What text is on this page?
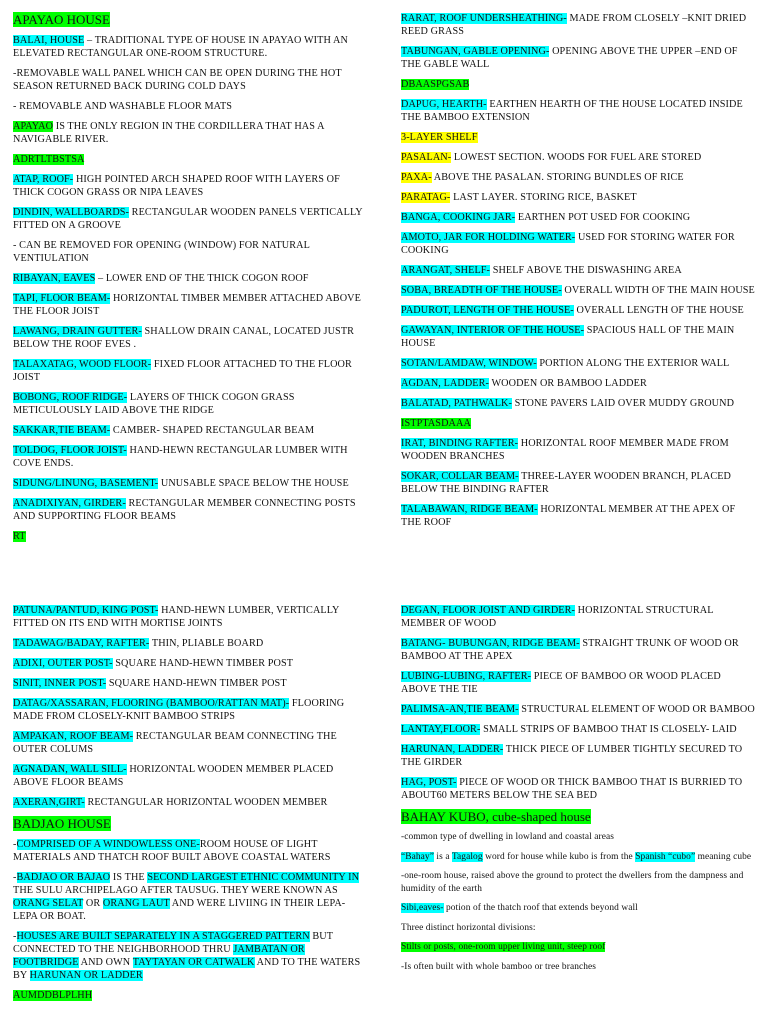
APAYAO HOUSE

BALAI, HOUSE – TRADITIONAL TYPE OF HOUSE IN APAYAO WITH AN ELEVATED RECTANGULAR ONE-ROOM STRUCTURE.

-REMOVABLE WALL PANEL WHICH CAN BE OPEN DURING THE HOT SEASON RETURNED BACK DURING COLD DAYS

- REMOVABLE AND WASHABLE FLOOR MATS

APAYAO IS THE ONLY REGION IN THE CORDILLERA THAT HAS A NAVIGABLE RIVER.

ADRTLTBSTSA

ATAP, ROOF- HIGH POINTED ARCH SHAPED ROOF WITH LAYERS OF THICK COGON GRASS OR NIPA LEAVES

DINDIN, WALLBOARDS- RECTANGULAR WOODEN PANELS VERTICALLY FITTED ON A GROOVE

- CAN BE REMOVED FOR OPENING (WINDOW) FOR NATURAL VENTIULATION

RIBAYAN, EAVES – LOWER END OF THE THICK COGON ROOF

TAPI, FLOOR BEAM- HORIZONTAL TIMBER MEMBER ATTACHED ABOVE THE FLOOR JOIST

LAWANG, DRAIN GUTTER- SHALLOW DRAIN CANAL, LOCATED JUSTR BELOW THE ROOF EVES .

TALAXATAG, WOOD FLOOR- FIXED FLOOR ATTACHED TO THE FLOOR JOIST

BOBONG, ROOF RIDGE- LAYERS OF THICK COGON GRASS METICULOUSLY LAID ABOVE THE RIDGE

SAKKAR,TIE BEAM- CAMBER- SHAPED RECTANGULAR BEAM

TOLDOG, FLOOR JOIST- HAND-HEWN RECTANGULAR LUMBER WITH COVE ENDS.

SIDUNG/LINUNG, BASEMENT- UNUSABLE SPACE BELOW THE HOUSE

ANADIXIYAN, GIRDER- RECTANGULAR MEMBER CONNECTING POSTS AND SUPPORTING FLOOR BEAMS

RT

RARAT, ROOF UNDERSHEATHING- MADE FROM CLOSELY –KNIT DRIED REED GRASS

TABUNGAN, GABLE OPENING- OPENING ABOVE THE UPPER –END OF THE GABLE WALL

DBAASPGSAB

DAPUG, HEARTH- EARTHEN HEARTH OF THE HOUSE LOCATED INSIDE THE BAMBOO EXTENSION

3-LAYER SHELF

PASALAN- LOWEST SECTION. WOODS FOR FUEL ARE STORED

PAXA- ABOVE THE PASALAN. STORING BUNDLES OF RICE

PARATAG- LAST LAYER. STORING RICE, BASKET

BANGA, COOKING JAR- EARTHEN POT USED FOR COOKING

AMOTO, JAR FOR HOLDING WATER- USED FOR STORING WATER FOR COOKING

ARANGAT, SHELF- SHELF ABOVE THE DISWASHING AREA

SOBA, BREADTH OF THE HOUSE- OVERALL WIDTH OF THE MAIN HOUSE

PADUROT, LENGTH OF THE HOUSE- OVERALL LENGTH OF THE HOUSE

GAWAYAN, INTERIOR OF THE HOUSE- SPACIOUS HALL OF THE MAIN HOUSE

SOTAN/LAMDAW, WINDOW- PORTION ALONG THE EXTERIOR WALL

AGDAN, LADDER- WOODEN OR BAMBOO LADDER

BALATAD, PATHWALK- STONE PAVERS LAID OVER MUDDY GROUND

ISTPTASDAAA

IRAT, BINDING RAFTER- HORIZONTAL ROOF MEMBER MADE FROM WOODEN BRANCHES

SOKAR, COLLAR BEAM- THREE-LAYER WOODEN BRANCH, PLACED BELOW THE BINDING RAFTER

TALABAWAN, RIDGE BEAM- HORIZONTAL MEMBER AT THE APEX OF THE ROOF

PATUNA/PANTUD, KING POST- HAND-HEWN LUMBER, VERTICALLY FITTED ON ITS END WITH MORTISE JOINTS

TADAWAG/BADAY, RAFTER- THIN, PLIABLE BOARD

ADIXI, OUTER POST- SQUARE HAND-HEWN TIMBER POST

SINIT, INNER POST- SQUARE HAND-HEWN TIMBER POST

DATAG/XASSARAN, FLOORING (BAMBOO/RATTAN MAT)- FLOORING MADE FROM CLOSELY-KNIT BAMBOO STRIPS

AMPAKAN, ROOF BEAM- RECTANGULAR BEAM CONNECTING THE OUTER COLUMS

AGNADAN, WALL SILL- HORIZONTAL WOODEN MEMBER PLACED ABOVE FLOOR BEAMS

AXERAN,GIRT- RECTANGULAR HORIZONTAL WOODEN MEMBER

BADJAO HOUSE

-COMPRISED OF A WINDOWLESS ONE-ROOM HOUSE OF LIGHT MATERIALS AND THATCH ROOF BUILT ABOVE COASTAL WATERS

-BADJAO OR BAJAO IS THE SECOND LARGEST ETHNIC COMMUNITY IN THE SULU ARCHIPELAGO AFTER TAUSUG. THEY WERE KNOWN AS ORANG SELAT OR ORANG LAUT AND WERE LIVIING IN THEIR LEPA-LEPA OR BOAT.

-HOUSES ARE BUILT SEPARATELY IN A STAGGERED PATTERN BUT CONNECTED TO THE NEIGHBORHOOD THRU JAMBATAN OR FOOTBRIDGE AND OWN TAYTAYAN OR CATWALK AND TO THE WATERS BY HARUNAN OR LADDER

AUMDDBLPLHH

DEGAN, FLOOR JOIST AND GIRDER- HORIZONTAL STRUCTURAL MEMBER OF WOOD

BATANG- BUBUNGAN, RIDGE BEAM- STRAIGHT TRUNK OF WOOD OR BAMBOO AT THE APEX

LUBING-LUBING, RAFTER- PIECE OF BAMBOO OR WOOD PLACED ABOVE THE TIE

PALIMSA-AN,TIE BEAM- STRUCTURAL ELEMENT OF WOOD OR BAMBOO

LANTAY,FLOOR- SMALL STRIPS OF BAMBOO THAT IS CLOSELY- LAID

HARUNAN, LADDER- THICK PIECE OF LUMBER TIGHTLY SECURED TO THE GIRDER

HAG, POST- PIECE OF WOOD OR THICK BAMBOO THAT IS BURRIED TO ABOUT60 METERS BELOW THE SEA BED

BAHAY KUBO, cube-shaped house

-common type of dwelling in lowland and coastal areas

“Bahay” is a Tagalog word for house while kubo is from the Spanish “cubo” meaning cube

-one-room house, raised above the ground to protect the dwellers from the dampness and humidity of the earth

Sibi,eaves- potion of the thatch roof that extends beyond wall

Three distinct horizontal divisions:

Stilts or posts, one-room upper living unit, steep roof

-Is often built with whole bamboo or tree branches
